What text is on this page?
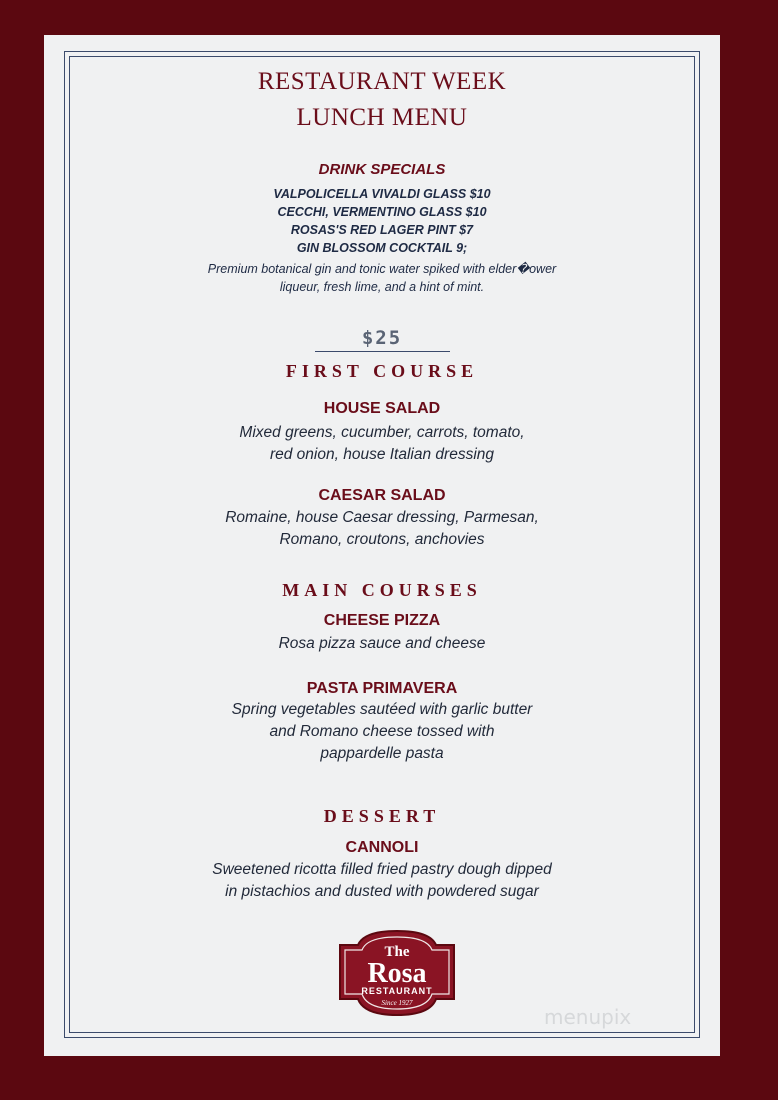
RESTAURANT WEEK
LUNCH MENU
DRINK SPECIALS
VALPOLICELLA VIVALDI GLASS $10
CECCHI, VERMENTINO GLASS $10
ROSAS'S RED LAGER PINT $7
GIN BLOSSOM COCKTAIL 9;
Premium botanical gin and tonic water spiked with elder�ower
liqueur, fresh lime, and a hint of mint.
$25
FIRST COURSE
HOUSE SALAD
Mixed greens, cucumber, carrots, tomato,
red onion, house Italian dressing
CAESAR SALAD
Romaine, house Caesar dressing, Parmesan,
Romano, croutons, anchovies
MAIN COURSES
CHEESE PIZZA
Rosa pizza sauce and cheese
PASTA PRIMAVERA
Spring vegetables sautéed with garlic butter
and Romano cheese tossed with
pappardelle pasta
DESSERT
CANNOLI
Sweetened ricotta filled fried pastry dough dipped
in pistachios and dusted with powdered sugar
The
Rosa
RESTAURANT
Since 1927
menupix
